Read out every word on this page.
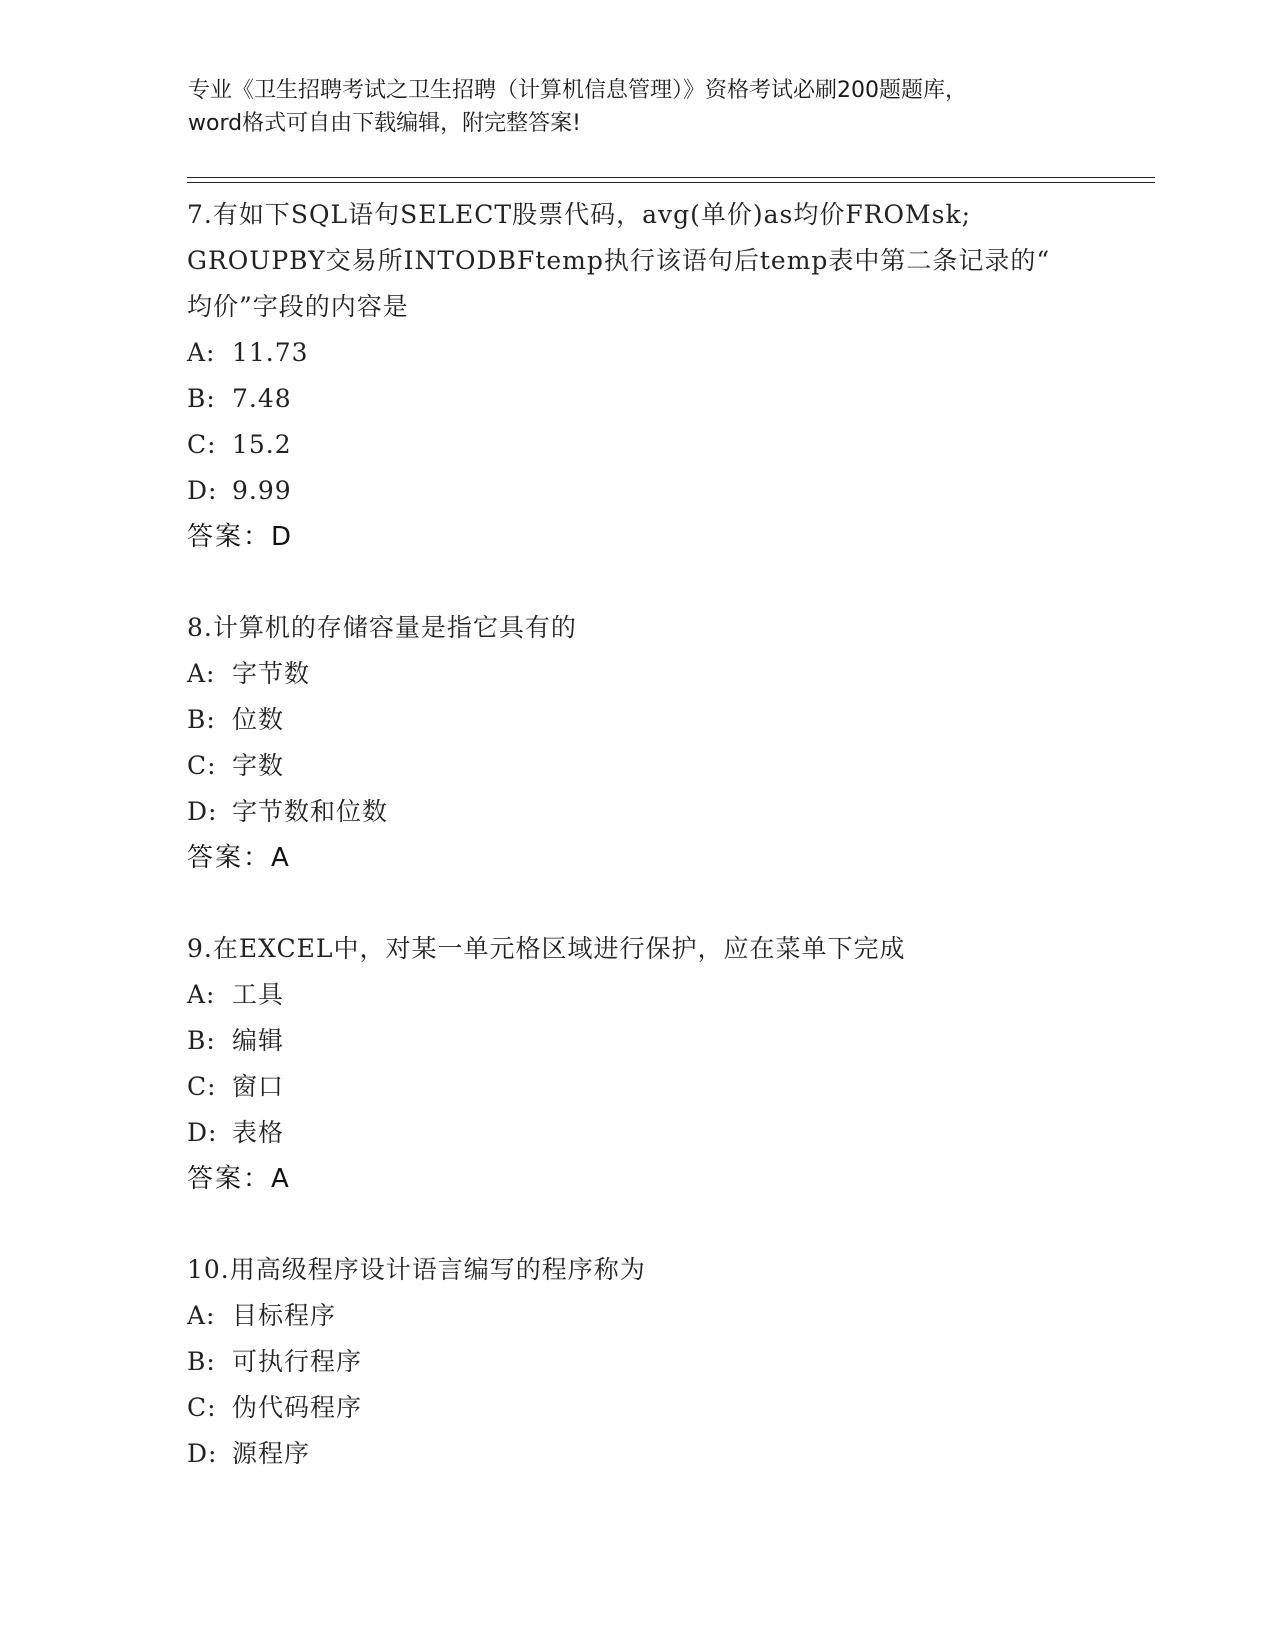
专业《卫生招聘考试之卫生招聘（计算机信息管理）》资格考试必刷200题题库，
word格式可自由下载编辑，附完整答案!
7.有如下SQL语句SELECT股票代码，avg(单价)as均价FROMsk;
GROUPBY交易所INTODBFtemp执行该语句后temp表中第二条记录的“
均价”字段的内容是
A: 11.73
B: 7.48
C: 15.2
D: 9.99
答案：D
8.计算机的存储容量是指它具有的
A: 字节数
B: 位数
C: 字数
D: 字节数和位数
答案：A
9.在EXCEL中，对某一单元格区域进行保护，应在菜单下完成
A: 工具
B: 编辑
C: 窗口
D: 表格
答案：A
10.用高级程序设计语言编写的程序称为
A: 目标程序
B: 可执行程序
C: 伪代码程序
D: 源程序
